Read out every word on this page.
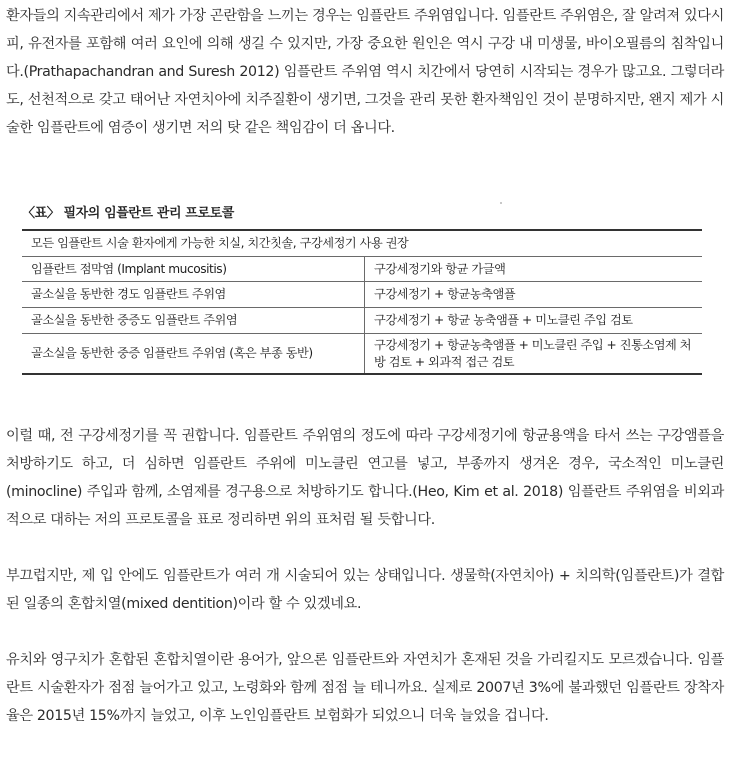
환자들의 지속관리에서 제가 가장 곤란함을 느끼는 경우는 임플란트 주위염입니다. 임플란트 주위염은, 잘 알려져 있다시피, 유전자를 포함해 여러 요인에 의해 생길 수 있지만, 가장 중요한 원인은 역시 구강 내 미생물, 바이오필름의 침착입니다.(Prathapachandran and Suresh 2012) 임플란트 주위염 역시 치간에서 당연히 시작되는 경우가 많고요. 그렇더라도, 선천적으로 갖고 태어난 자연치아에 치주질환이 생기면, 그것을 관리 못한 환자책임인 것이 분명하지만, 왠지 제가 시술한 임플란트에 염증이 생기면 저의 탓 같은 책임감이 더 옵니다.

〈표〉 필자의 임플란트 관리 프로토콜
모든 임플란트 시술 환자에게 가능한 치실, 치간칫솔, 구강세정기 사용 권장	
임플란트 점막염 (Implant mucositis)	구강세정기와 항균 가글액
골소실을 동반한 경도 임플란트 주위염	구강세정기 + 항균농축앰플
골소실을 동반한 중증도 임플란트 주위염	구강세정기 + 항균 농축앰플 + 미노클린 주입 검토
골소실을 동반한 중증 임플란트 주위염 (혹은 부종 동반)	구강세정기 + 항균농축앰플 + 미노클린 주입 + 진통소염제 처방 검토 + 외과적 접근 검토

이럴 때, 전 구강세정기를 꼭 권합니다. 임플란트 주위염의 정도에 따라 구강세정기에 항균용액을 타서 쓰는 구강앰플을 처방하기도 하고, 더 심하면 임플란트 주위에 미노클린 연고를 넣고, 부종까지 생겨온 경우, 국소적인 미노클린(minocline) 주입과 함께, 소염제를 경구용으로 처방하기도 합니다.(Heo, Kim et al. 2018) 임플란트 주위염을 비외과적으로 대하는 저의 프로토콜을 표로 정리하면 위의 표처럼 될 듯합니다.

부끄럽지만, 제 입 안에도 임플란트가 여러 개 시술되어 있는 상태입니다. 생물학(자연치아) + 치의학(임플란트)가 결합된 일종의 혼합치열(mixed dentition)이라 할 수 있겠네요.

유치와 영구치가 혼합된 혼합치열이란 용어가, 앞으론 임플란트와 자연치가 혼재된 것을 가리킬지도 모르겠습니다. 임플란트 시술환자가 점점 늘어가고 있고, 노령화와 함께 점점 늘 테니까요. 실제로 2007년 3%에 불과했던 임플란트 장착자율은 2015년 15%까지 늘었고, 이후 노인임플란트 보험화가 되었으니 더욱 늘었을 겁니다.
